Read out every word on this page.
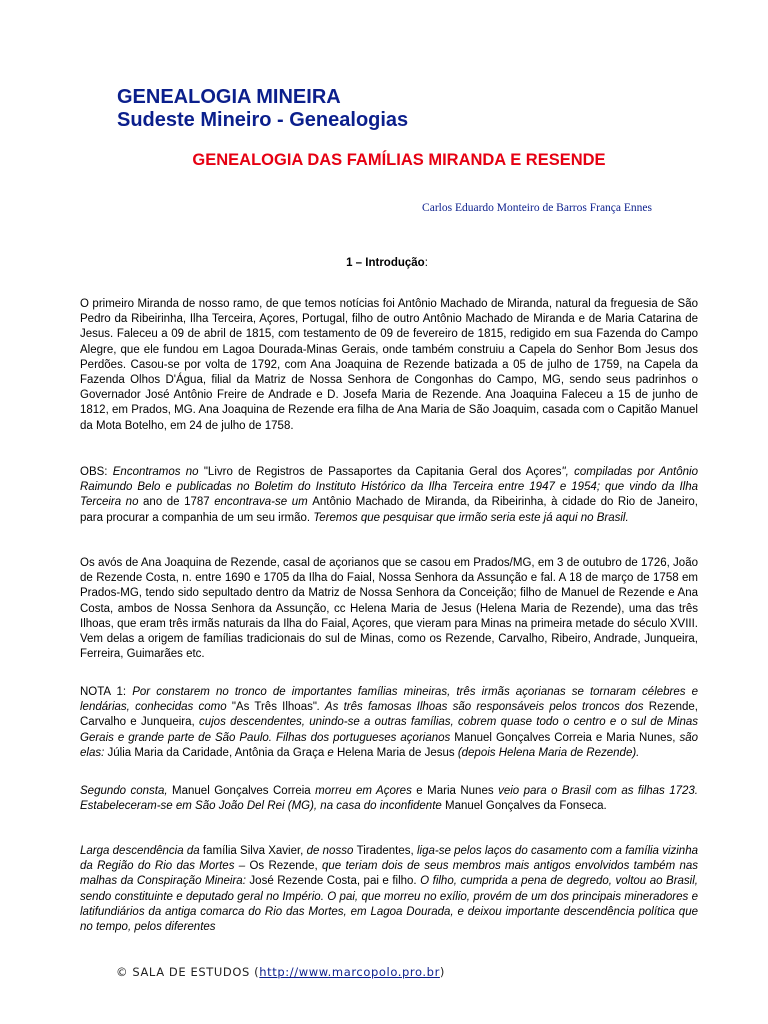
GENEALOGIA MINEIRA
Sudeste Mineiro - Genealogias
GENEALOGIA DAS FAMÍLIAS MIRANDA E RESENDE
Carlos Eduardo Monteiro de Barros França Ennes
1 – Introdução:

O primeiro Miranda de nosso ramo, de que temos notícias foi Antônio Machado de Miranda, natural da freguesia de São Pedro da Ribeirinha, Ilha Terceira, Açores, Portugal, filho de outro Antônio Machado de Miranda e de Maria Catarina de Jesus. Faleceu a 09 de abril de 1815, com testamento de 09 de fevereiro de 1815, redigido em sua Fazenda do Campo Alegre, que ele fundou em Lagoa Dourada-Minas Gerais, onde também construiu a Capela do Senhor Bom Jesus dos Perdões. Casou-se por volta de 1792, com Ana Joaquina de Rezende batizada a 05 de julho de 1759, na Capela da Fazenda Olhos D'Água, filial da Matriz de Nossa Senhora de Congonhas do Campo, MG, sendo seus padrinhos o Governador José Antônio Freire de Andrade e D. Josefa Maria de Rezende. Ana Joaquina Faleceu a 15 de junho de 1812, em Prados, MG. Ana Joaquina de Rezende era filha de Ana Maria de São Joaquim, casada com o Capitão Manuel da Mota Botelho, em 24 de julho de 1758.

OBS: Encontramos no "Livro de Registros de Passaportes da Capitania Geral dos Açores", compiladas por Antônio Raimundo Belo e publicadas no Boletim do Instituto Histórico da Ilha Terceira entre 1947 e 1954; que vindo da Ilha Terceira no ano de 1787 encontrava-se um Antônio Machado de Miranda, da Ribeirinha, à cidade do Rio de Janeiro, para procurar a companhia de um seu irmão. Teremos que pesquisar que irmão seria este já aqui no Brasil.

Os avós de Ana Joaquina de Rezende, casal de açorianos que se casou em Prados/MG, em 3 de outubro de 1726, João de Rezende Costa, n. entre 1690 e 1705 da Ilha do Faial, Nossa Senhora da Assunção e fal. A 18 de março de 1758 em Prados-MG, tendo sido sepultado dentro da Matriz de Nossa Senhora da Conceição; filho de Manuel de Rezende e Ana Costa, ambos de Nossa Senhora da Assunção, cc Helena Maria de Jesus (Helena Maria de Rezende), uma das três Ilhoas, que eram três irmãs naturais da Ilha do Faial, Açores, que vieram para Minas na primeira metade do século XVIII. Vem delas a origem de famílias tradicionais do sul de Minas, como os Rezende, Carvalho, Ribeiro, Andrade, Junqueira, Ferreira, Guimarães etc.

NOTA 1: Por constarem no tronco de importantes famílias mineiras, três irmãs açorianas se tornaram célebres e lendárias, conhecidas como "As Três Ilhoas". As três famosas Ilhoas são responsáveis pelos troncos dos Rezende, Carvalho e Junqueira, cujos descendentes, unindo-se a outras famílias, cobrem quase todo o centro e o sul de Minas Gerais e grande parte de São Paulo. Filhas dos portugueses açorianos Manuel Gonçalves Correia e Maria Nunes, são elas: Júlia Maria da Caridade, Antônia da Graça e Helena Maria de Jesus (depois Helena Maria de Rezende).

Segundo consta, Manuel Gonçalves Correia morreu em Açores e Maria Nunes veio para o Brasil com as filhas 1723. Estabeleceram-se em São João Del Rei (MG), na casa do inconfidente Manuel Gonçalves da Fonseca.

Larga descendência da família Silva Xavier, de nosso Tiradentes, liga-se pelos laços do casamento com a família vizinha da Região do Rio das Mortes – Os Rezende, que teriam dois de seus membros mais antigos envolvidos também nas malhas da Conspiração Mineira: José Rezende Costa, pai e filho. O filho, cumprida a pena de degredo, voltou ao Brasil, sendo constituinte e deputado geral no Império. O pai, que morreu no exílio, provém de um dos principais mineradores e latifundiários da antiga comarca do Rio das Mortes, em Lagoa Dourada, e deixou importante descendência política que no tempo, pelos diferentes

© SALA DE ESTUDOS (http://www.marcopolo.pro.br)
